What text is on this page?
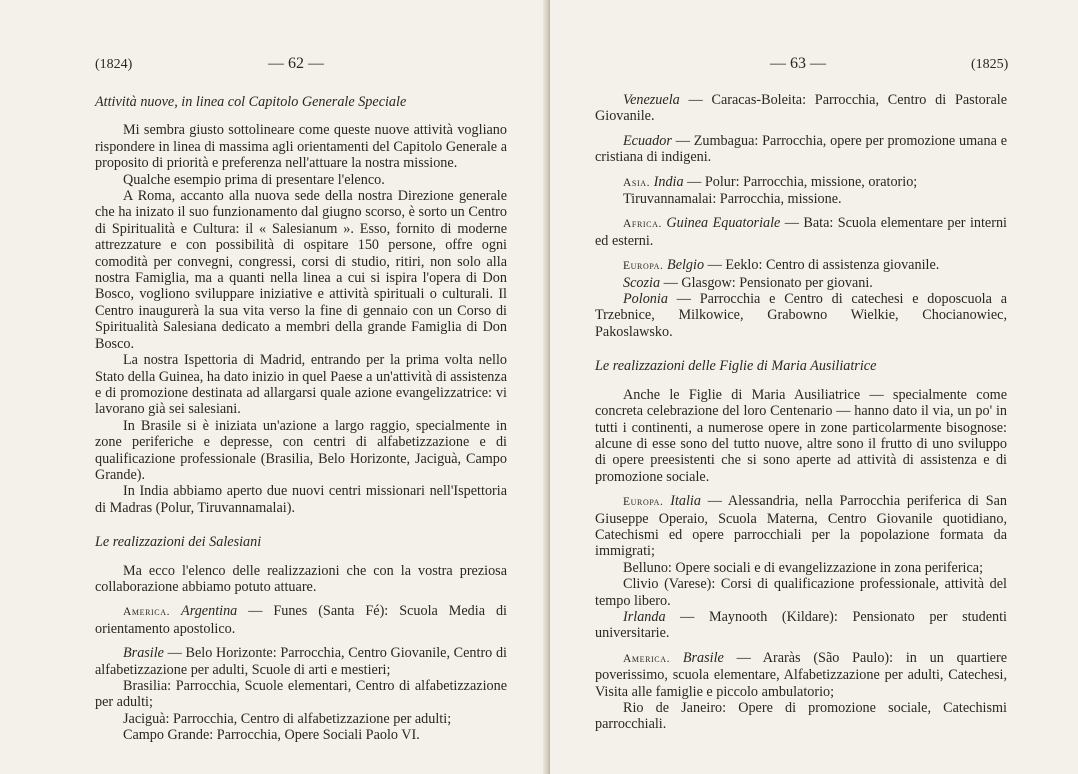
(1824)	— 62 —

Attività nuove, in linea col Capitolo Generale Speciale

Mi sembra giusto sottolineare come queste nuove attività vogliano rispondere in linea di massima agli orientamenti del Capitolo Generale a proposito di priorità e preferenza nell'attuare la nostra missione.

Qualche esempio prima di presentare l'elenco.

A Roma, accanto alla nuova sede della nostra Direzione generale che ha inizato il suo funzionamento dal giugno scorso, è sorto un Centro di Spiritualità e Cultura: il « Salesianum ». Esso, fornito di moderne attrezzature e con possibilità di ospitare 150 persone, offre ogni comodità per convegni, congressi, corsi di studio, ritiri, non solo alla nostra Famiglia, ma a quanti nella linea a cui si ispira l'opera di Don Bosco, vogliono sviluppare iniziative e attività spirituali o culturali. Il Centro inaugurerà la sua vita verso la fine di gennaio con un Corso di Spiritualità Salesiana dedicato a membri della grande Famiglia di Don Bosco.

La nostra Ispettoria di Madrid, entrando per la prima volta nello Stato della Guinea, ha dato inizio in quel Paese a un'attività di assistenza e di promozione destinata ad allargarsi quale azione evangelizzatrice: vi lavorano già sei salesiani.

In Brasile si è iniziata un'azione a largo raggio, specialmente in zone periferiche e depresse, con centri di alfabetizzazione e di qualificazione professionale (Brasilia, Belo Horizonte, Jaciguà, Campo Grande).

In India abbiamo aperto due nuovi centri missionari nell'Ispettoria di Madras (Polur, Tiruvannamalai).

Le realizzazioni dei Salesiani

Ma ecco l'elenco delle realizzazioni che con la vostra preziosa collaborazione abbiamo potuto attuare.

America. Argentina — Funes (Santa Fé): Scuola Media di orientamento apostolico.

Brasile — Belo Horizonte: Parrocchia, Centro Giovanile, Centro di alfabetizzazione per adulti, Scuole di arti e mestieri;

Brasilia: Parrocchia, Scuole elementari, Centro di alfabetizzazione per adulti;

Jaciguà: Parrocchia, Centro di alfabetizzazione per adulti;

Campo Grande: Parrocchia, Opere Sociali Paolo VI.

— 63 —	(1825)

Venezuela — Caracas-Boleita: Parrocchia, Centro di Pastorale Giovanile.

Ecuador — Zumbagua: Parrocchia, opere per promozione umana e cristiana di indigeni.

Asia. India — Polur: Parrocchia, missione, oratorio;

Tiruvannamalai: Parrocchia, missione.

Africa. Guinea Equatoriale — Bata: Scuola elementare per interni ed esterni.

Europa. Belgio — Eeklo: Centro di assistenza giovanile.

Scozia — Glasgow: Pensionato per giovani.

Polonia — Parrocchia e Centro di catechesi e doposcuola a Trzebnice, Milkowice, Grabowno Wielkie, Chocianowiec, Pakoslawsko.

Le realizzazioni delle Figlie di Maria Ausiliatrice

Anche le Figlie di Maria Ausiliatrice — specialmente come concreta celebrazione del loro Centenario — hanno dato il via, un po' in tutti i continenti, a numerose opere in zone particolarmente bisognose: alcune di esse sono del tutto nuove, altre sono il frutto di uno sviluppo di opere preesistenti che si sono aperte ad attività di assistenza e di promozione sociale.

Europa. Italia — Alessandria, nella Parrocchia periferica di San Giuseppe Operaio, Scuola Materna, Centro Giovanile quotidiano, Catechismi ed opere parrocchiali per la popolazione formata da immigrati;

Belluno: Opere sociali e di evangelizzazione in zona periferica;

Clivio (Varese): Corsi di qualificazione professionale, attività del tempo libero.

Irlanda — Maynooth (Kildare): Pensionato per studenti universitarie.

America. Brasile — Araràs (São Paulo): in un quartiere poverissimo, scuola elementare, Alfabetizzazione per adulti, Catechesi, Visita alle famiglie e piccolo ambulatorio;

Rio de Janeiro: Opere di promozione sociale, Catechismi parrocchiali.
